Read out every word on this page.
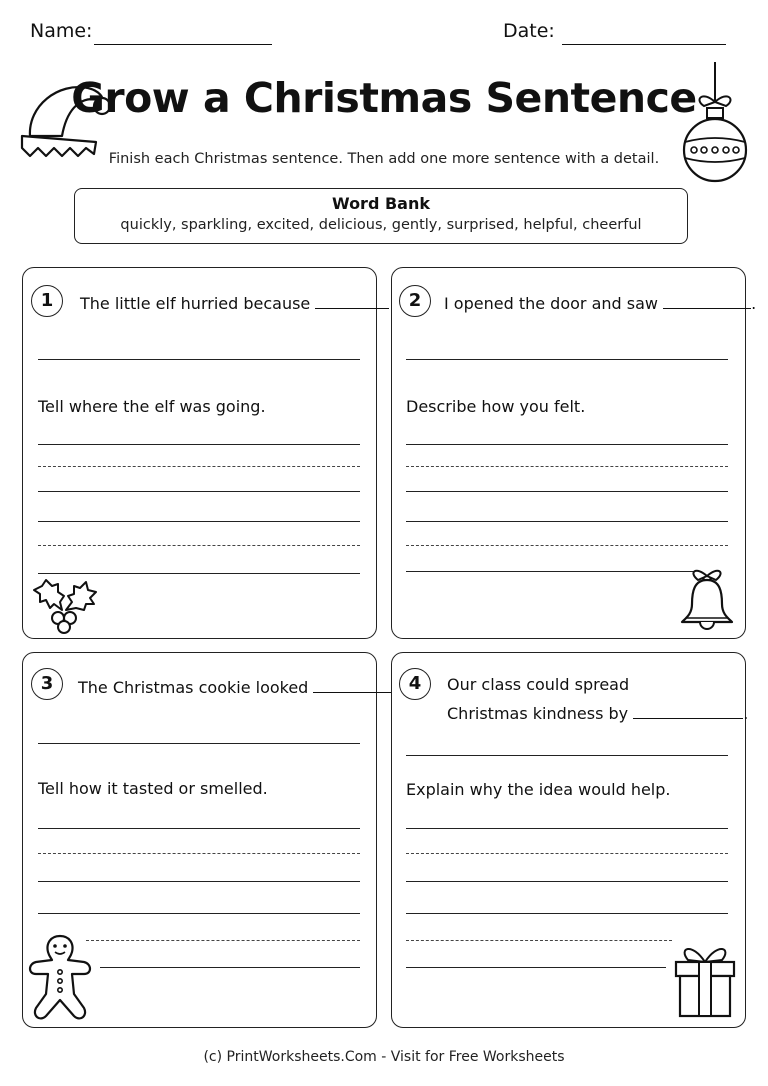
Name:	Date:
Grow a Christmas Sentence
Finish each Christmas sentence. Then add one more sentence with a detail.
Word Bank
quickly, sparkling, excited, delicious, gently, surprised, helpful, cheerful
1	The little elf hurried because
Tell where the elf was going.
2	I opened the door and saw	.
Describe how you felt.
3	The Christmas cookie looked
Tell how it tasted or smelled.
4	Our class could spread
Christmas kindness by	.
Explain why the idea would help.
(c) PrintWorksheets.Com - Visit for Free Worksheets
